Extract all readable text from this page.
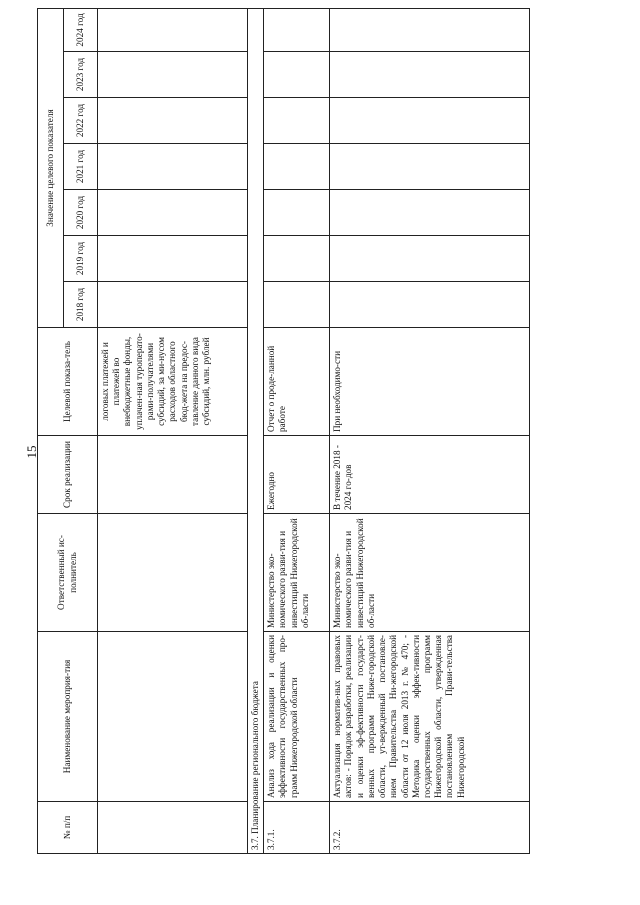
15
№ п/п	Наименование мероприя-тия	Ответственный ис-полнитель	Срок реализации	Целевой показа-тель	Значение целевого показателя						
					2018 год	2019 год	2020 год	2021 год	2022 год	2023 год	2024 год
				логовых платежей и платежей во внебюджетные фонды, уплачен-ная туроперато-рами-получателями субсидий, за ми-нусом расходов областного бюд-жета на предос-тавление данного вида субсидий, млн. рублей							
3.7. Планирование регионального бюджета											
3.7.1.	Анализ хода реализации и оценки эффективности государственных про-грамм Нижегородской области	Министерство эко-номического разви-тия и инвестиций Нижегородской об-ласти	Ежегодно	Отчет о проде-ланной работе							
3.7.2.	Актуализация норматив-ных правовых актов: - Порядок разработки, реализации и оценки эф-фективности государст-венных программ Ниже-городской области, ут-вержденный постановле-нием Правительства Ни-жегородской области от 12 июля 2013 г. № 470; - Методика оценки эффек-тивности государственных программ Нижегородской области, утвержденная постановлением Прави-тельства Нижегородской	Министерство эко-номического разви-тия и инвестиций Нижегородской об-ласти	В течение 2018 - 2024 го-дов	При необходимо-сти							
